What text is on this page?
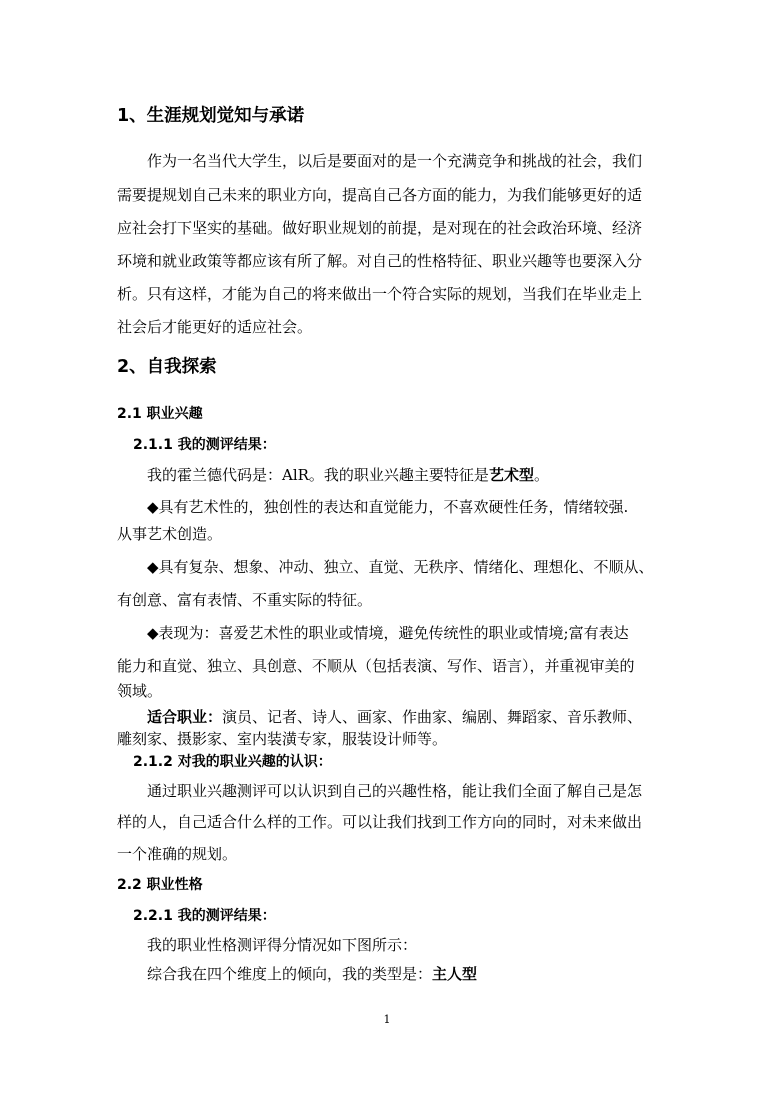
1、生涯规划觉知与承诺
作为一名当代大学生，以后是要面对的是一个充满竞争和挑战的社会，我们
需要提规划自己未来的职业方向，提高自己各方面的能力，为我们能够更好的适
应社会打下坚实的基础。做好职业规划的前提，是对现在的社会政治环境、经济
环境和就业政策等都应该有所了解。对自己的性格特征、职业兴趣等也要深入分
析。只有这样，才能为自己的将来做出一个符合实际的规划，当我们在毕业走上
社会后才能更好的适应社会。
2、自我探索
2.1 职业兴趣
2.1.1 我的测评结果：
我的霍兰德代码是：AlR。我的职业兴趣主要特征是艺术型。
◆具有艺术性的，独创性的表达和直觉能力，不喜欢硬性任务，情绪较强.
从事艺术创造。
◆具有复杂、想象、冲动、独立、直觉、无秩序、情绪化、理想化、不顺从、
有创意、富有表情、不重实际的特征。
◆表现为：喜爱艺术性的职业或情境，避免传统性的职业或情境;富有表达
能力和直觉、独立、具创意、不顺从（包括表演、写作、语言），并重视审美的
领域。
适合职业：演员、记者、诗人、画家、作曲家、编剧、舞蹈家、音乐教师、
雕刻家、摄影家、室内装潢专家，服装设计师等。
2.1.2 对我的职业兴趣的认识：
通过职业兴趣测评可以认识到自己的兴趣性格，能让我们全面了解自己是怎
样的人，自己适合什么样的工作。可以让我们找到工作方向的同时，对未来做出
一个准确的规划。
2.2 职业性格
2.2.1 我的测评结果：
我的职业性格测评得分情况如下图所示：
综合我在四个维度上的倾向，我的类型是：主人型
1
